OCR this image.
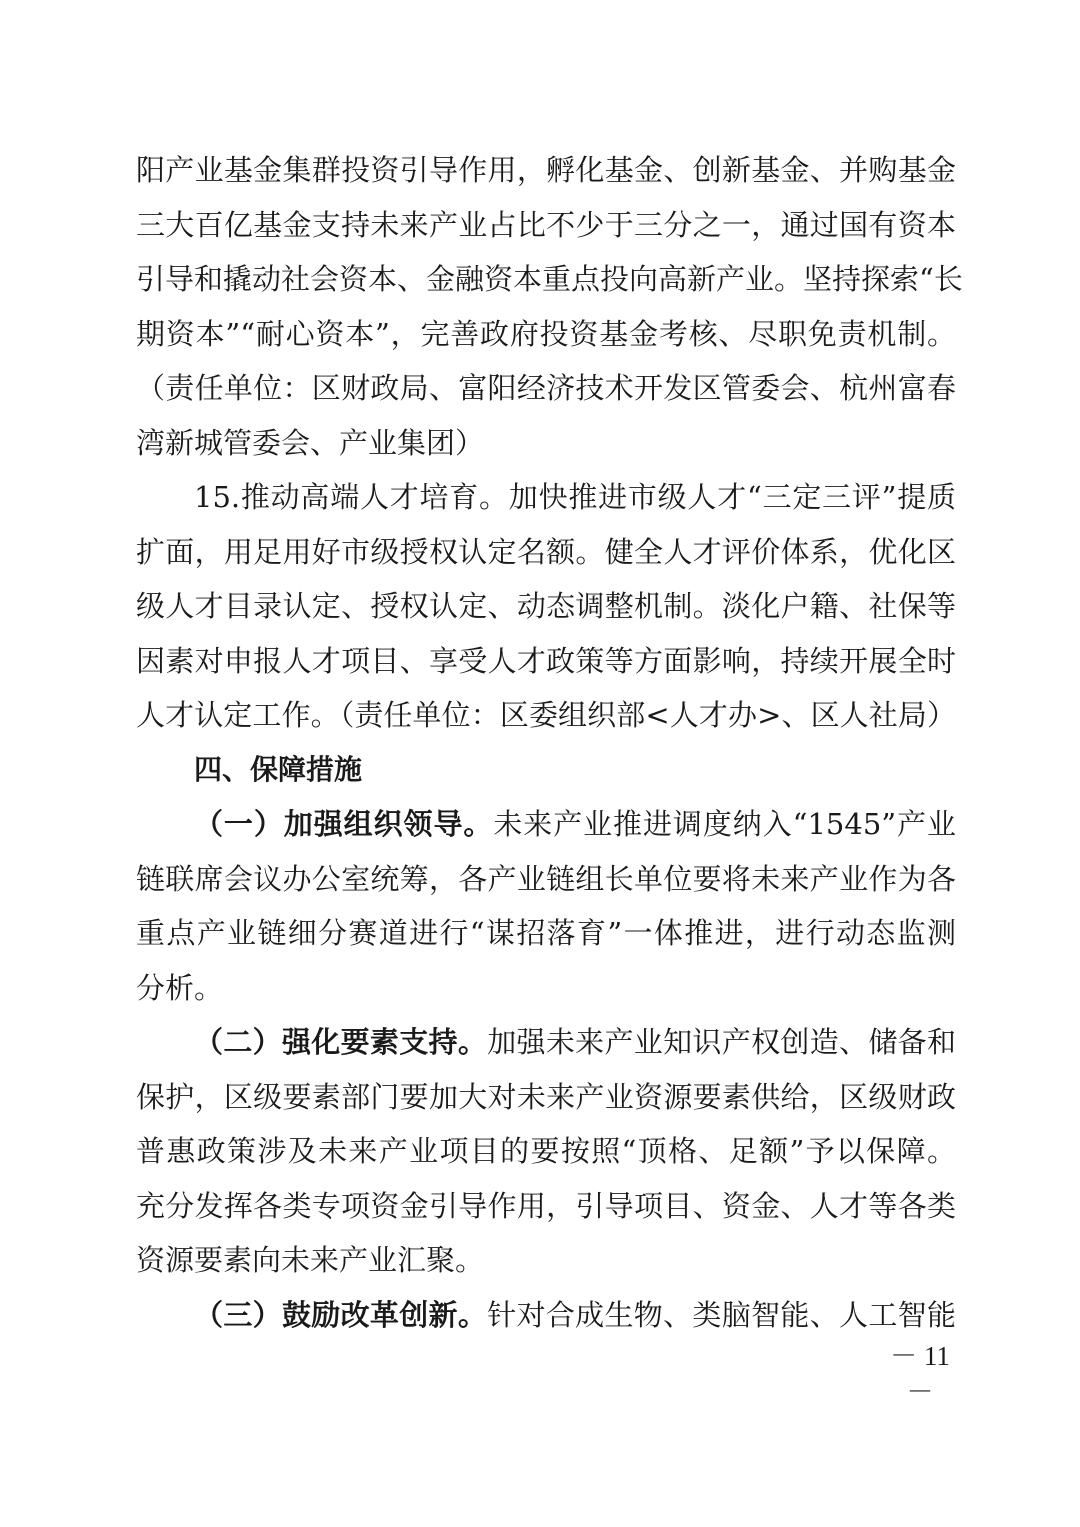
阳产业基金集群投资引导作用，孵化基金、创新基金、并购基金
三大百亿基金支持未来产业占比不少于三分之一，通过国有资本
引导和撬动社会资本、金融资本重点投向高新产业。坚持探索“长
期资本”“耐心资本”，完善政府投资基金考核、尽职免责机制。
（责任单位：区财政局、富阳经济技术开发区管委会、杭州富春
湾新城管委会、产业集团）
15.推动高端人才培育。加快推进市级人才“三定三评”提质
扩面，用足用好市级授权认定名额。健全人才评价体系，优化区
级人才目录认定、授权认定、动态调整机制。淡化户籍、社保等
因素对申报人才项目、享受人才政策等方面影响，持续开展全时
人才认定工作。（责任单位：区委组织部<人才办>、区人社局）
四、保障措施
（一）加强组织领导。未来产业推进调度纳入“1545”产业
链联席会议办公室统筹，各产业链组长单位要将未来产业作为各
重点产业链细分赛道进行“谋招落育”一体推进，进行动态监测
分析。
（二）强化要素支持。加强未来产业知识产权创造、储备和
保护，区级要素部门要加大对未来产业资源要素供给，区级财政
普惠政策涉及未来产业项目的要按照“顶格、足额”予以保障。
充分发挥各类专项资金引导作用，引导项目、资金、人才等各类
资源要素向未来产业汇聚。
（三）鼓励改革创新。针对合成生物、类脑智能、人工智能
－ 11 －
